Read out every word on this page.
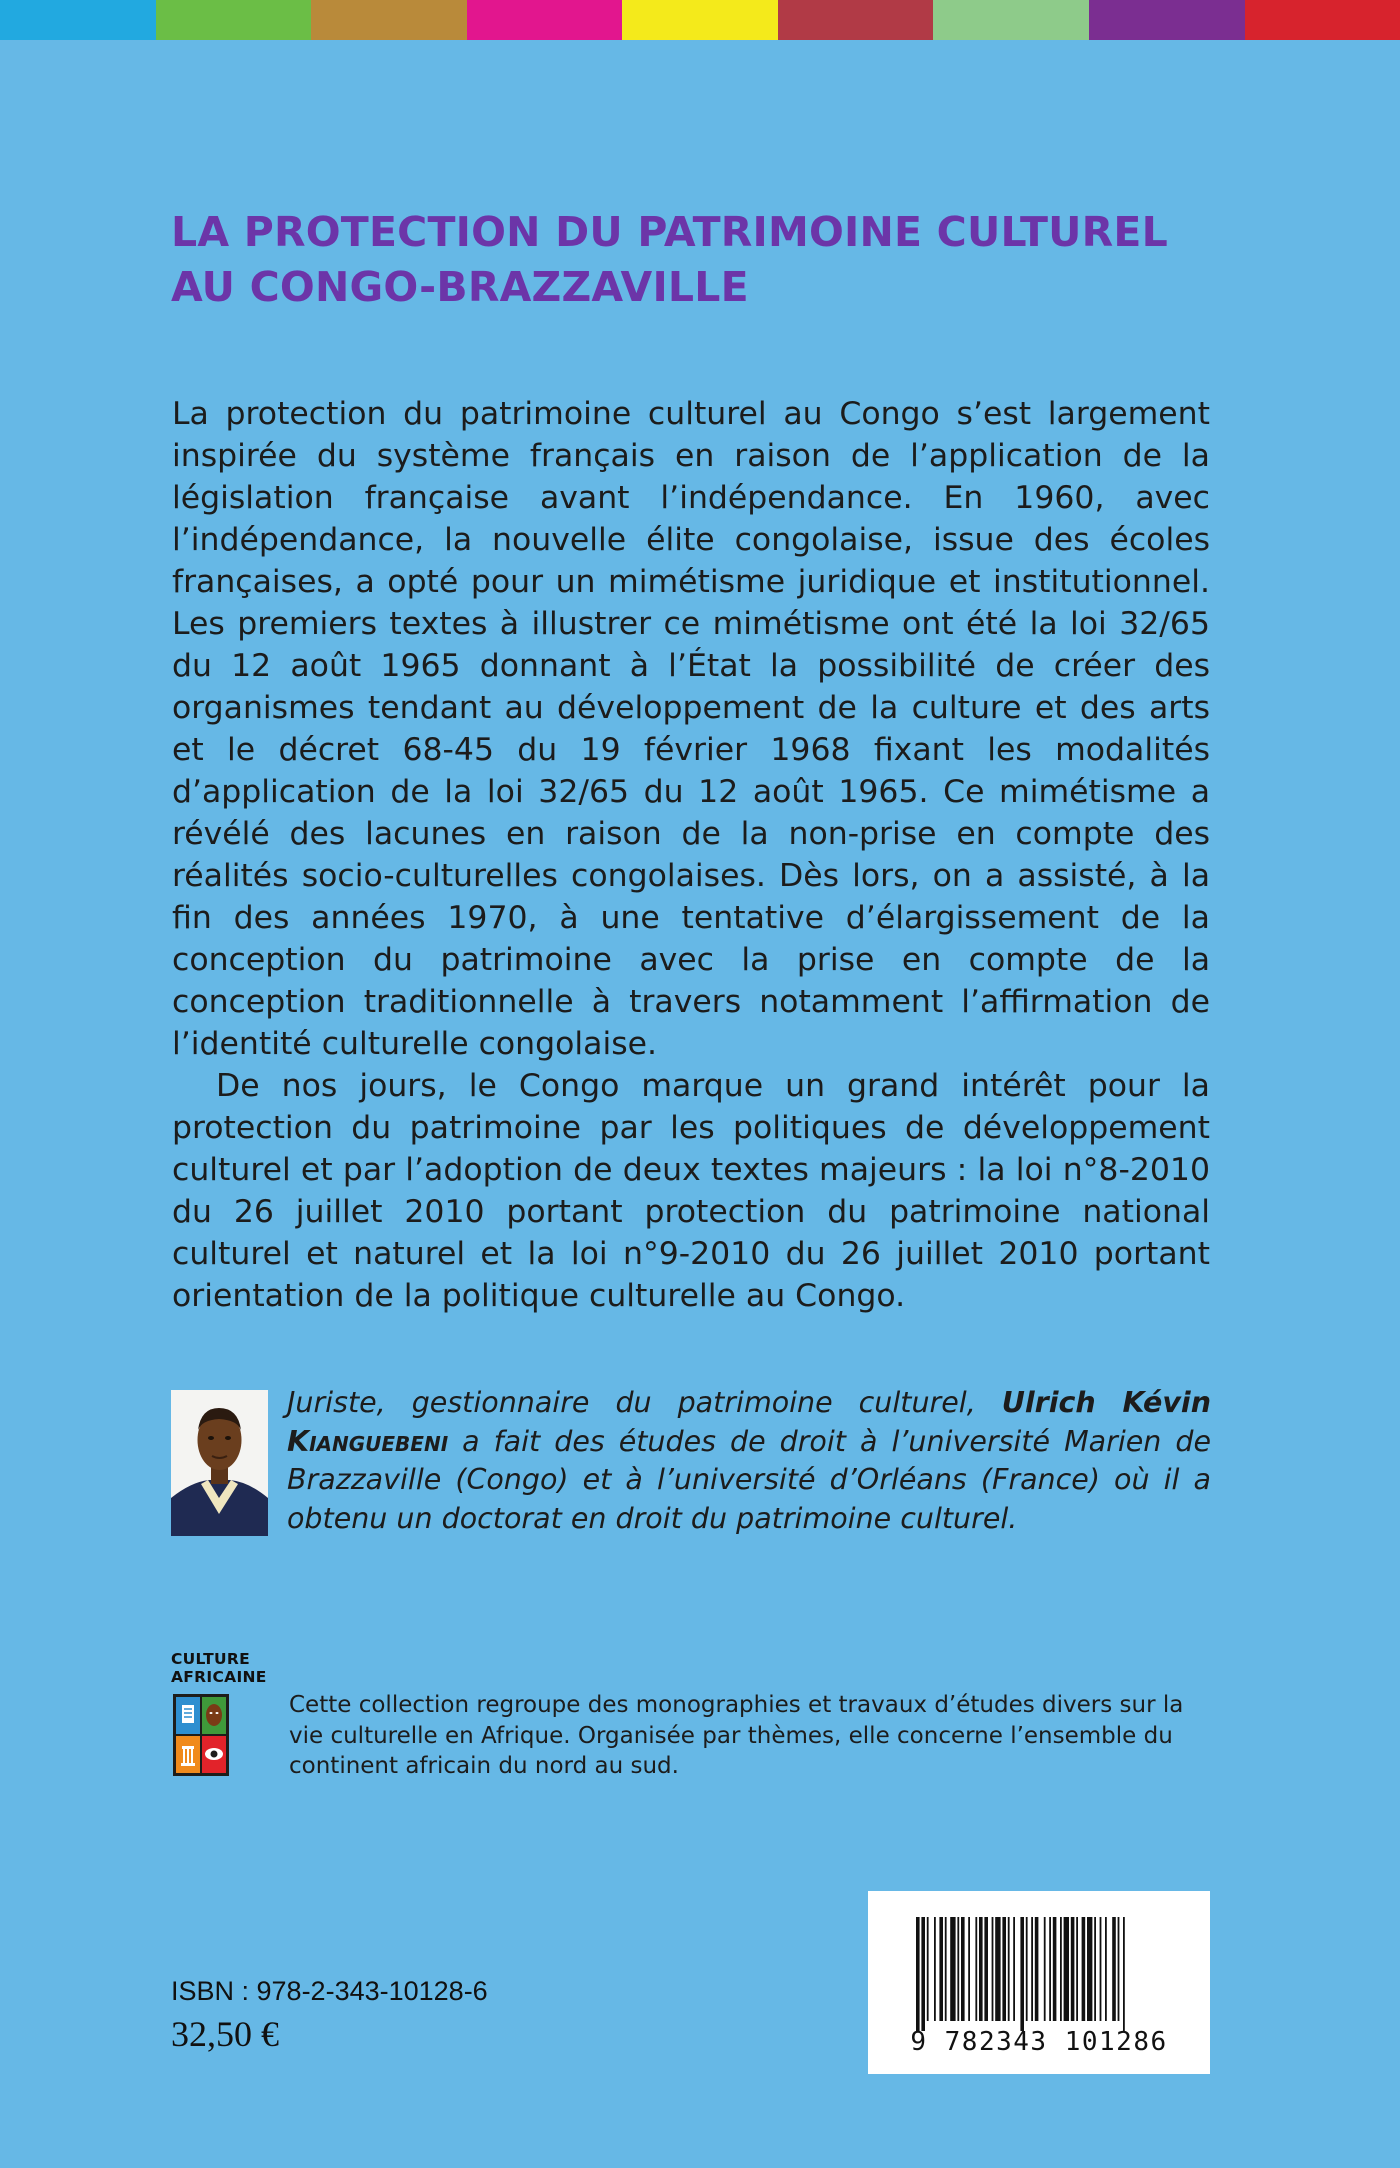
LA PROTECTION DU PATRIMOINE CULTUREL
AU CONGO-BRAZZAVILLE

La protection du patrimoine culturel au Congo s’est largement inspirée du système français en raison de l’application de la législation française avant l’indépendance. En 1960, avec l’indépendance, la nouvelle élite congolaise, issue des écoles françaises, a opté pour un mimétisme juridique et institutionnel. Les premiers textes à illustrer ce mimétisme ont été la loi 32/65 du 12 août 1965 donnant à l’État la possibilité de créer des organismes tendant au développement de la culture et des arts et le décret 68-45 du 19 février 1968 fixant les modalités d’application de la loi 32/65 du 12 août 1965. Ce mimétisme a révélé des lacunes en raison de la non-prise en compte des réalités socio-culturelles congolaises. Dès lors, on a assisté, à la fin des années 1970, à une tentative d’élargissement de la conception du patrimoine avec la prise en compte de la conception traditionnelle à travers notamment l’affirmation de l’identité culturelle congolaise.

De nos jours, le Congo marque un grand intérêt pour la protection du patrimoine par les politiques de développement culturel et par l’adoption de deux textes majeurs : la loi n°8-2010 du 26 juillet 2010 portant protection du patrimoine national culturel et naturel et la loi n°9-2010 du 26 juillet 2010 portant orientation de la politique culturelle au Congo.

Juriste, gestionnaire du patrimoine culturel, Ulrich Kévin Kianguebeni a fait des études de droit à l’université Marien de Brazzaville (Congo) et à l’université d’Orléans (France) où il a obtenu un doctorat en droit du patrimoine culturel.
CULTURE
AFRICAINE
Cette collection regroupe des monographies et travaux d’études divers sur la vie culturelle en Afrique. Organisée par thèmes, elle concerne l’ensemble du continent africain du nord au sud.
ISBN : 978-2-343-10128-6
32,50 €	9 782343 101286
